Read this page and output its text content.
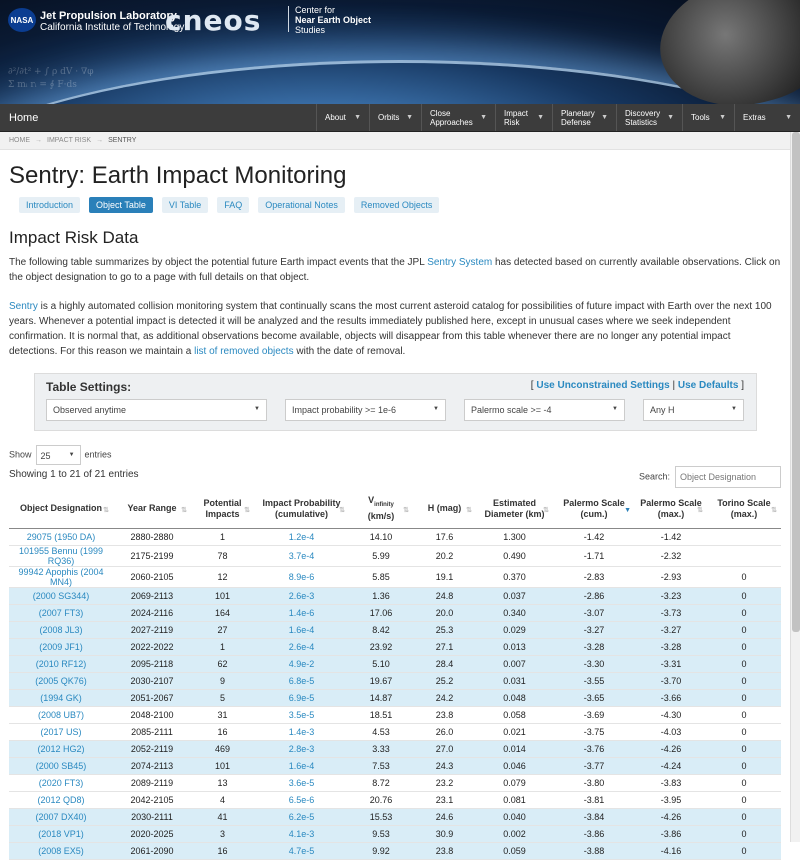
∂²/∂t² + ∫ ρ dV · ∇φ
Σ mᵢ rᵢ = ∮ F·ds
NASA Jet Propulsion Laboratory
California Institute of Technology
cneos	Center for
Near Earth Object
Studies
Home	About ▼ Orbits ▼ Close Approaches ▼ Impact Risk	▼ Planetary Defense	▼ Discovery Statistics	▼ Tools ▼ Extras	▼
HOME → IMPACT RISK → SENTRY
Sentry: Earth Impact Monitoring
Introduction	Object Table	VI Table	FAQ	Operational Notes	Removed Objects
Impact Risk Data

The following table summarizes by object the potential future Earth impact events that the JPL Sentry System has detected based on currently available observations. Click on the object designation to go to a page with full details on that object.

Sentry is a highly automated collision monitoring system that continually scans the most current asteroid catalog for possibilities of future impact with Earth over the next 100 years. Whenever a potential impact is detected it will be analyzed and the results immediately published here, except in unusual cases where we seek independent confirmation. It is normal that, as additional observations become available, objects will disappear from this table whenever there are no longer any potential impact detections. For this reason we maintain a list of removed objects with the date of removal.

Table Settings:	[ Use Unconstrained Settings | Use Defaults ]
Observed anytime	▼	Impact probability >= 1e-6	▼	Palermo scale >= -4	▼	Any H	▼
Show 25	▼ entries
Showing 1 to 21 of 21 entries	Search: Object Designation
Object Designation ⇅	Year Range ⇅	Potential Impacts ⇅	Impact Probability (cumulative) ⇅	$V_{infinity}$
(km/s)
⇅	H (mag) ⇅	Estimated Diameter (km)
⇅	Palermo Scale (cum.) ▼	Palermo Scale (max.) ⇅	Torino Scale (max.) ⇅

29075 (1950 DA)	2880-2880	1	1.2e-4	14.10	17.6	1.300	-1.42	-1.42	
101955 Bennu (1999 RQ36)	2175-2199	78	3.7e-4	5.99	20.2	0.490	-1.71	-2.32	
99942 Apophis (2004 MN4)	2060-2105	12	8.9e-6	5.85	19.1	0.370	-2.83	-2.93	0
(2000 SG344)	2069-2113	101	2.6e-3	1.36	24.8	0.037	-2.86	-3.23	0
(2007 FT3)	2024-2116	164	1.4e-6	17.06	20.0	0.340	-3.07	-3.73	0
(2008 JL3)	2027-2119	27	1.6e-4	8.42	25.3	0.029	-3.27	-3.27	0
(2009 JF1)	2022-2022	1	2.6e-4	23.92	27.1	0.013	-3.28	-3.28	0
(2010 RF12)	2095-2118	62	4.9e-2	5.10	28.4	0.007	-3.30	-3.31	0
(2005 QK76)	2030-2107	9	6.8e-5	19.67	25.2	0.031	-3.55	-3.70	0
(1994 GK)	2051-2067	5	6.9e-5	14.87	24.2	0.048	-3.65	-3.66	0
(2008 UB7)	2048-2100	31	3.5e-5	18.51	23.8	0.058	-3.69	-4.30	0
(2017 US)	2085-2111	16	1.4e-3	4.53	26.0	0.021	-3.75	-4.03	0
(2012 HG2)	2052-2119	469	2.8e-3	3.33	27.0	0.014	-3.76	-4.26	0
(2000 SB45)	2074-2113	101	1.6e-4	7.53	24.3	0.046	-3.77	-4.24	0
(2020 FT3)	2089-2119	13	3.6e-5	8.72	23.2	0.079	-3.80	-3.83	0
(2012 QD8)	2042-2105	4	6.5e-6	20.76	23.1	0.081	-3.81	-3.95	0
(2007 DX40)	2030-2111	41	6.2e-5	15.53	24.6	0.040	-3.84	-4.26	0
(2018 VP1)	2020-2025	3	4.1e-3	9.53	30.9	0.002	-3.86	-3.86	0
(2008 EX5)	2061-2090	16	4.7e-5	9.92	23.8	0.059	-3.88	-4.16	0
